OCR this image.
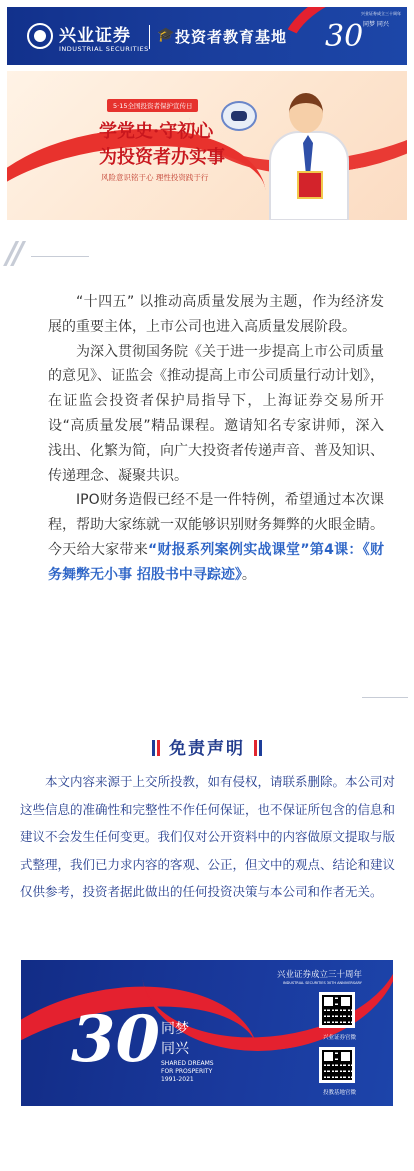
兴业证券
INDUSTRIAL SECURITIES
🎓 投资者教育基地 30 同梦 同兴
兴业证券成立三十周年
5·15全国投资者保护宣传日
学党史·守初心
为投资者办实事
风险意识铭于心 理性投资践于行
//

“十四五” 以推动高质量发展为主题，作为经济发展的重要主体，上市公司也进入高质量发展阶段。

为深入贯彻国务院《关于进一步提高上市公司质量的意见》、证监会《推动提高上市公司质量行动计划》，在证监会投资者保护局指导下，上海证券交易所开设“高质量发展”精品课程。邀请知名专家讲师，深入浅出、化繁为简，向广大投资者传递声音、普及知识、传递理念、凝聚共识。

IPO财务造假已经不是一件特例，希望通过本次课程，帮助大家练就一双能够识别财务舞弊的火眼金睛。今天给大家带来“财报系列案例实战课堂”第4课：《财务舞弊无小事 招股书中寻踪迹》。

免责声明
本文内容来源于上交所投教，如有侵权，请联系删除。本公司对这些信息的准确性和完整性不作任何保证，也不保证所包含的信息和建议不会发生任何变更。我们仅对公开资料中的内容做原文提取与版式整理，我们已力求内容的客观、公正，但文中的观点、结论和建议仅供参考，投资者据此做出的任何投资决策与本公司和作者无关。
30 同梦
同兴
SHARED DREAMS
FOR PROSPERITY
1991-2021
兴业证券成立三十周年
INDUSTRIAL SECURITIES 30TH ANNIVERSARY
兴业证券官微
投教基地官微
